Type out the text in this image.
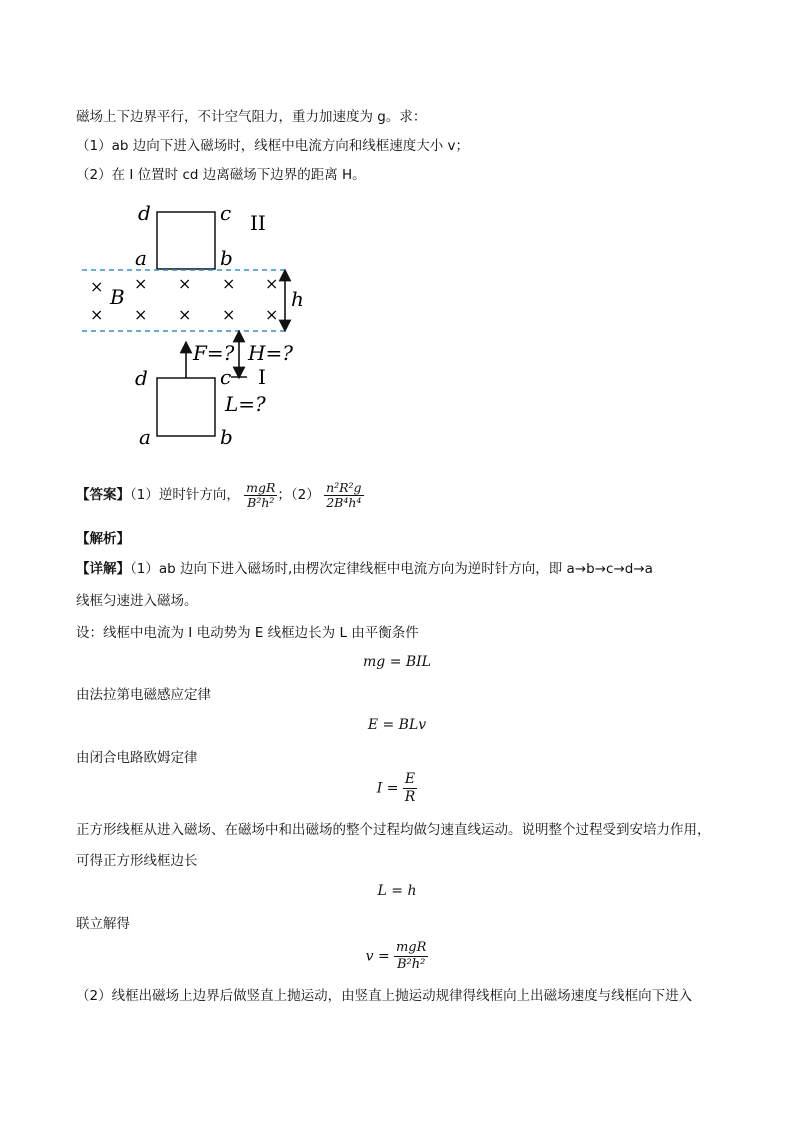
磁场上下边界平行，不计空气阻力，重力加速度为 g。求：
（1）ab 边向下进入磁场时，线框中电流方向和线框速度大小 v；
（2）在 I 位置时 cd 边离磁场下边界的距离 H。
d	c
a	b
II
× × × × ×
× × × × ×
B	h
F=? H=?
d	c I
L=?
a	b
【答案】（1）逆时针方向， $\frac{\text{mgR}}{\text{B²h²}}$ ；$(2) \frac{\text{n²R²g}}{\text{2B⁴h⁴}}$
【解析】
【详解】（1）ab 边向下进入磁场时,由楞次定律线框中电流方向为逆时针方向，即 a→b→c→d→a
线框匀速进入磁场。
设：线框中电流为 I 电动势为 E 线框边长为 L 由平衡条件
mg = BIL
由法拉第电磁感应定律
E = BLv
由闭合电路欧姆定律
$I = \frac{E}{R}$
正方形线框从进入磁场、在磁场中和出磁场的整个过程均做匀速直线运动。说明整个过程受到安培力作用，
可得正方形线框边长
L = h
联立解得
$v = \frac{\text{mgR}}{\text{B²h²}}$
（2）线框出磁场上边界后做竖直上抛运动，由竖直上抛运动规律得线框向上出磁场速度与线框向下进入
